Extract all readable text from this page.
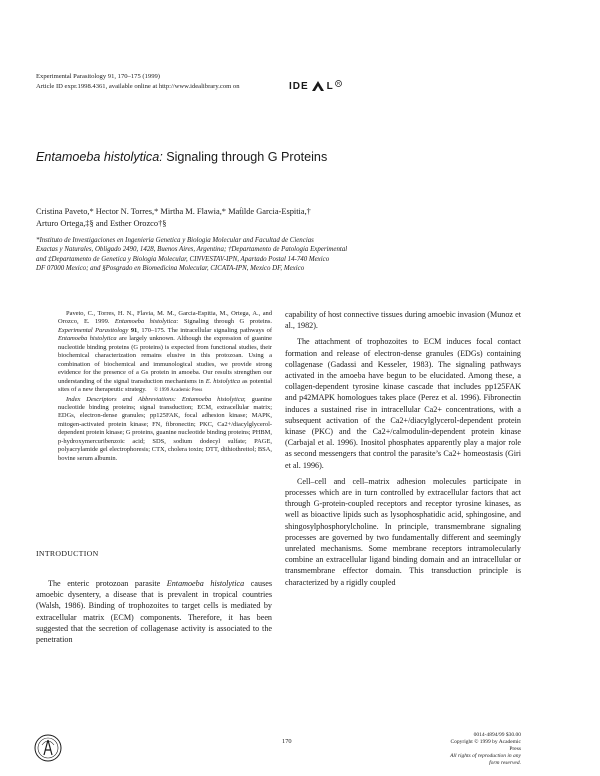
Experimental Parasitology 91, 170–175 (1999)
Article ID expr.1998.4361, available online at http://www.idealibrary.com on	IDE L R
Entamoeba histolytica: Signaling through G Proteins
Cristina Paveto,* Hector N. Torres,* Mirtha M. Flawia,* Mat́ilde Garcia-Espitia,†
Arturo Ortega,‡§ and Esther Orozco†§
*Instituto de Investigaciones en Ingenieria Genetica y Biologia Molecular and Facultad de Ciencias
Exactas y Naturales, Obligado 2490, 1428, Buenos Aires, Argentina; †Departamento de Patologia Experimental
and ‡Departamento de Genetica y Biologia Molecular, CINVESTAV-IPN, Apartado Postal 14-740 Mexico
DF 07000 Mexico; and §Posgrado en Biomedicina Molecular, CICATA-IPN, Mexico DF, Mexico

Paveto, C., Torres, H. N., Flavia, M. M., Garcia-Espitia, M., Ortega, A., and Orozco, E. 1999. Entamoeba histolytica: Signaling through G proteins. Experimental Parasitology 91, 170–175. The intracellular signaling pathways of Entamoeba histolytica are largely unknown. Although the expression of guanine nucleotide binding proteins (G proteins) is expected from functional studies, their biochemical characterization remains elusive in this protozoan. Using a combination of biochemical and immunological studies, we provide strong evidence for the presence of a Gs protein in amoeba. Our results strengthen our understanding of the signal transduction mechanisms in E. histolytica as potential sites of a new therapeutic strategy. © 1999 Academic Press

Index Descriptors and Abbreviations: Entamoeba histolytica; guanine nucleotide binding proteins; signal transduction; ECM, extracellular matrix; EDGs, electron-dense granules; pp125FAK, focal adhesion kinase; MAPK, mitogen-activated protein kinase; FN, fibronectin; PKC, Ca2+/diacylglycerol-dependent protein kinase; G proteins, guanine nucleotide binding proteins; PHBM, p-hydroxymercuribenzoic acid; SDS, sodium dodecyl sulfate; PAGE, polyacrylamide gel electrophoresis; CTX, cholera toxin; DTT, dithiothreitol; BSA, bovine serum albumin.

INTRODUCTION

The enteric protozoan parasite Entamoeba histolytica causes amoebic dysentery, a disease that is prevalent in tropical countries (Walsh, 1986). Binding of trophozoites to target cells is mediated by extracellular matrix (ECM) components. Therefore, it has been suggested that the secretion of collagenase activity is associated to the penetration

capability of host connective tissues during amoebic invasion (Munoz et al., 1982).

The attachment of trophozoites to ECM induces focal contact formation and release of electron-dense granules (EDGs) containing collagenase (Gadassi and Kesseler, 1983). The signaling pathways activated in the amoeba have begun to be elucidated. Among these, a collagen-dependent tyrosine kinase cascade that includes pp125FAK and p42MAPK homologues takes place (Perez et al. 1996). Fibronectin induces a sustained rise in intracellular Ca2+ concentrations, with a subsequent activation of the Ca2+/diacylglycerol-dependent protein kinase (PKC) and the Ca2+/calmodulin-dependent protein kinase (Carbajal et al. 1996). Inositol phosphates apparently play a major role as second messengers that control the parasite’s Ca2+ homeostasis (Giri et al. 1996).

Cell–cell and cell–matrix adhesion molecules participate in processes which are in turn controlled by extracellular factors that act through G-protein-coupled receptors and receptor tyrosine kinases, as well as bioactive lipids such as lysophosphatidic acid, sphingosine, and shingosylphosphorylcholine. In principle, transmembrane signaling processes are governed by two fundamentally different and seemingly unrelated mechanisms. Some membrane receptors intramolecularly combine an extracellular ligand binding domain and an intracellular or transmembrane effector domain. This transduction principle is characterized by a rigidly coupled

170
0014-4894/99 $30.00
Copyright © 1999 by Academic Press
All rights of reproduction in any form reserved.
